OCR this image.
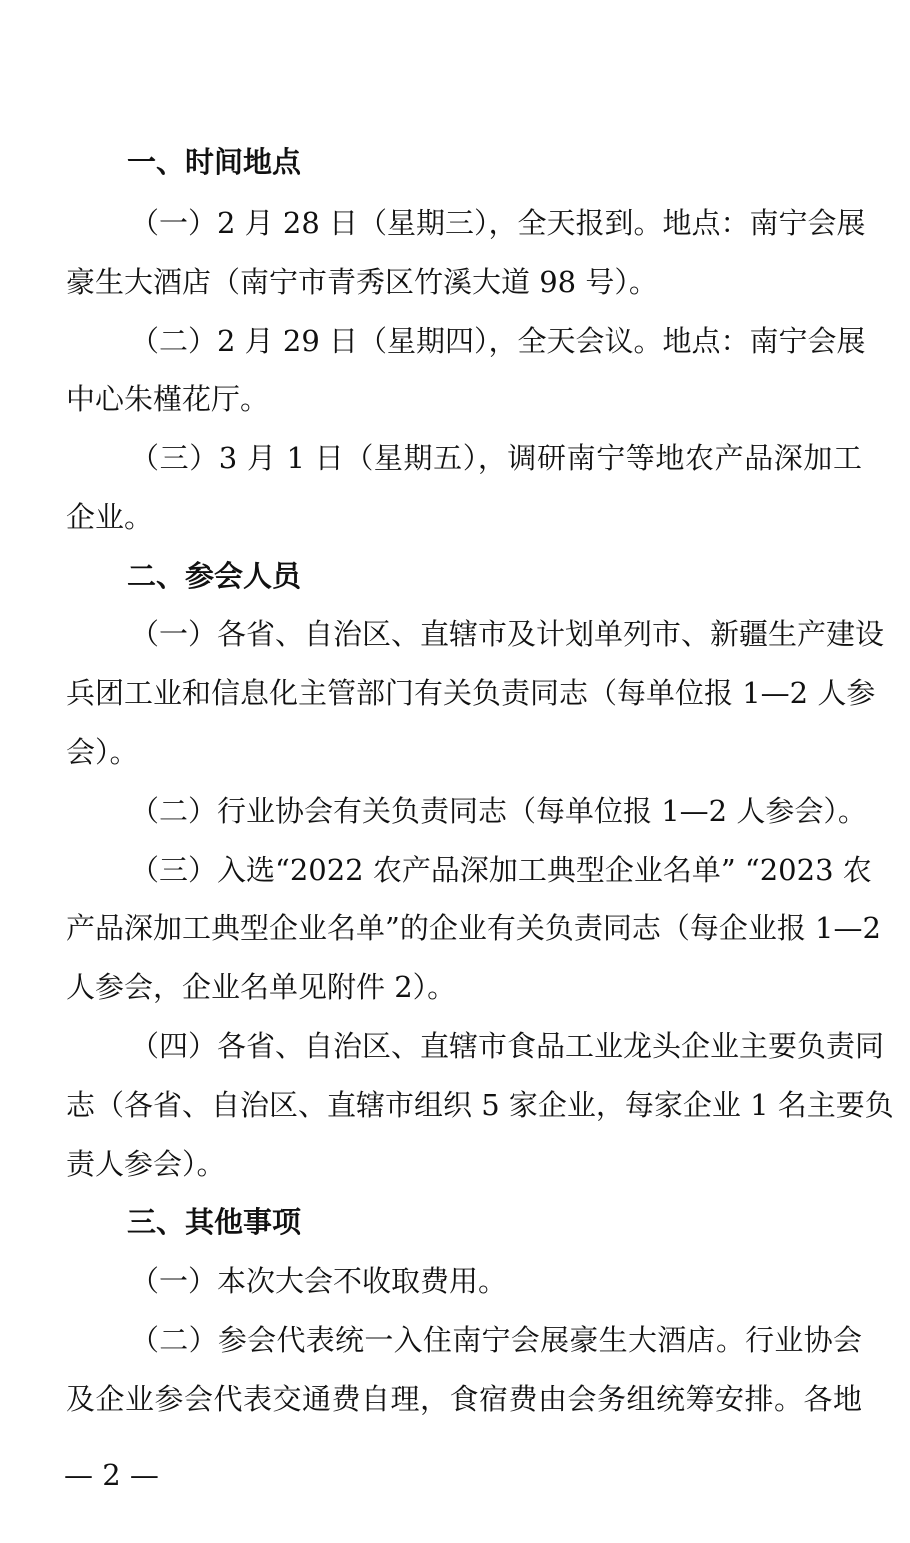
一、时间地点
（一）2 月 28 日（星期三），全天报到。地点：南宁会展
豪生大酒店（南宁市青秀区竹溪大道 98 号）。
（二）2 月 29 日（星期四），全天会议。地点：南宁会展
中心朱槿花厅。
（三）3 月 1 日（星期五），调研南宁等地农产品深加工
企业。
二、参会人员
（一）各省、自治区、直辖市及计划单列市、新疆生产建设
兵团工业和信息化主管部门有关负责同志（每单位报 1—2 人参
会）。
（二）行业协会有关负责同志（每单位报 1—2 人参会）。
（三）入选“2022 农产品深加工典型企业名单” “2023 农
产品深加工典型企业名单”的企业有关负责同志（每企业报 1—2
人参会，企业名单见附件 2）。
（四）各省、自治区、直辖市食品工业龙头企业主要负责同
志（各省、自治区、直辖市组织 5 家企业，每家企业 1 名主要负
责人参会）。
三、其他事项
（一）本次大会不收取费用。
（二）参会代表统一入住南宁会展豪生大酒店。行业协会
及企业参会代表交通费自理，食宿费由会务组统筹安排。各地
— 2 —
